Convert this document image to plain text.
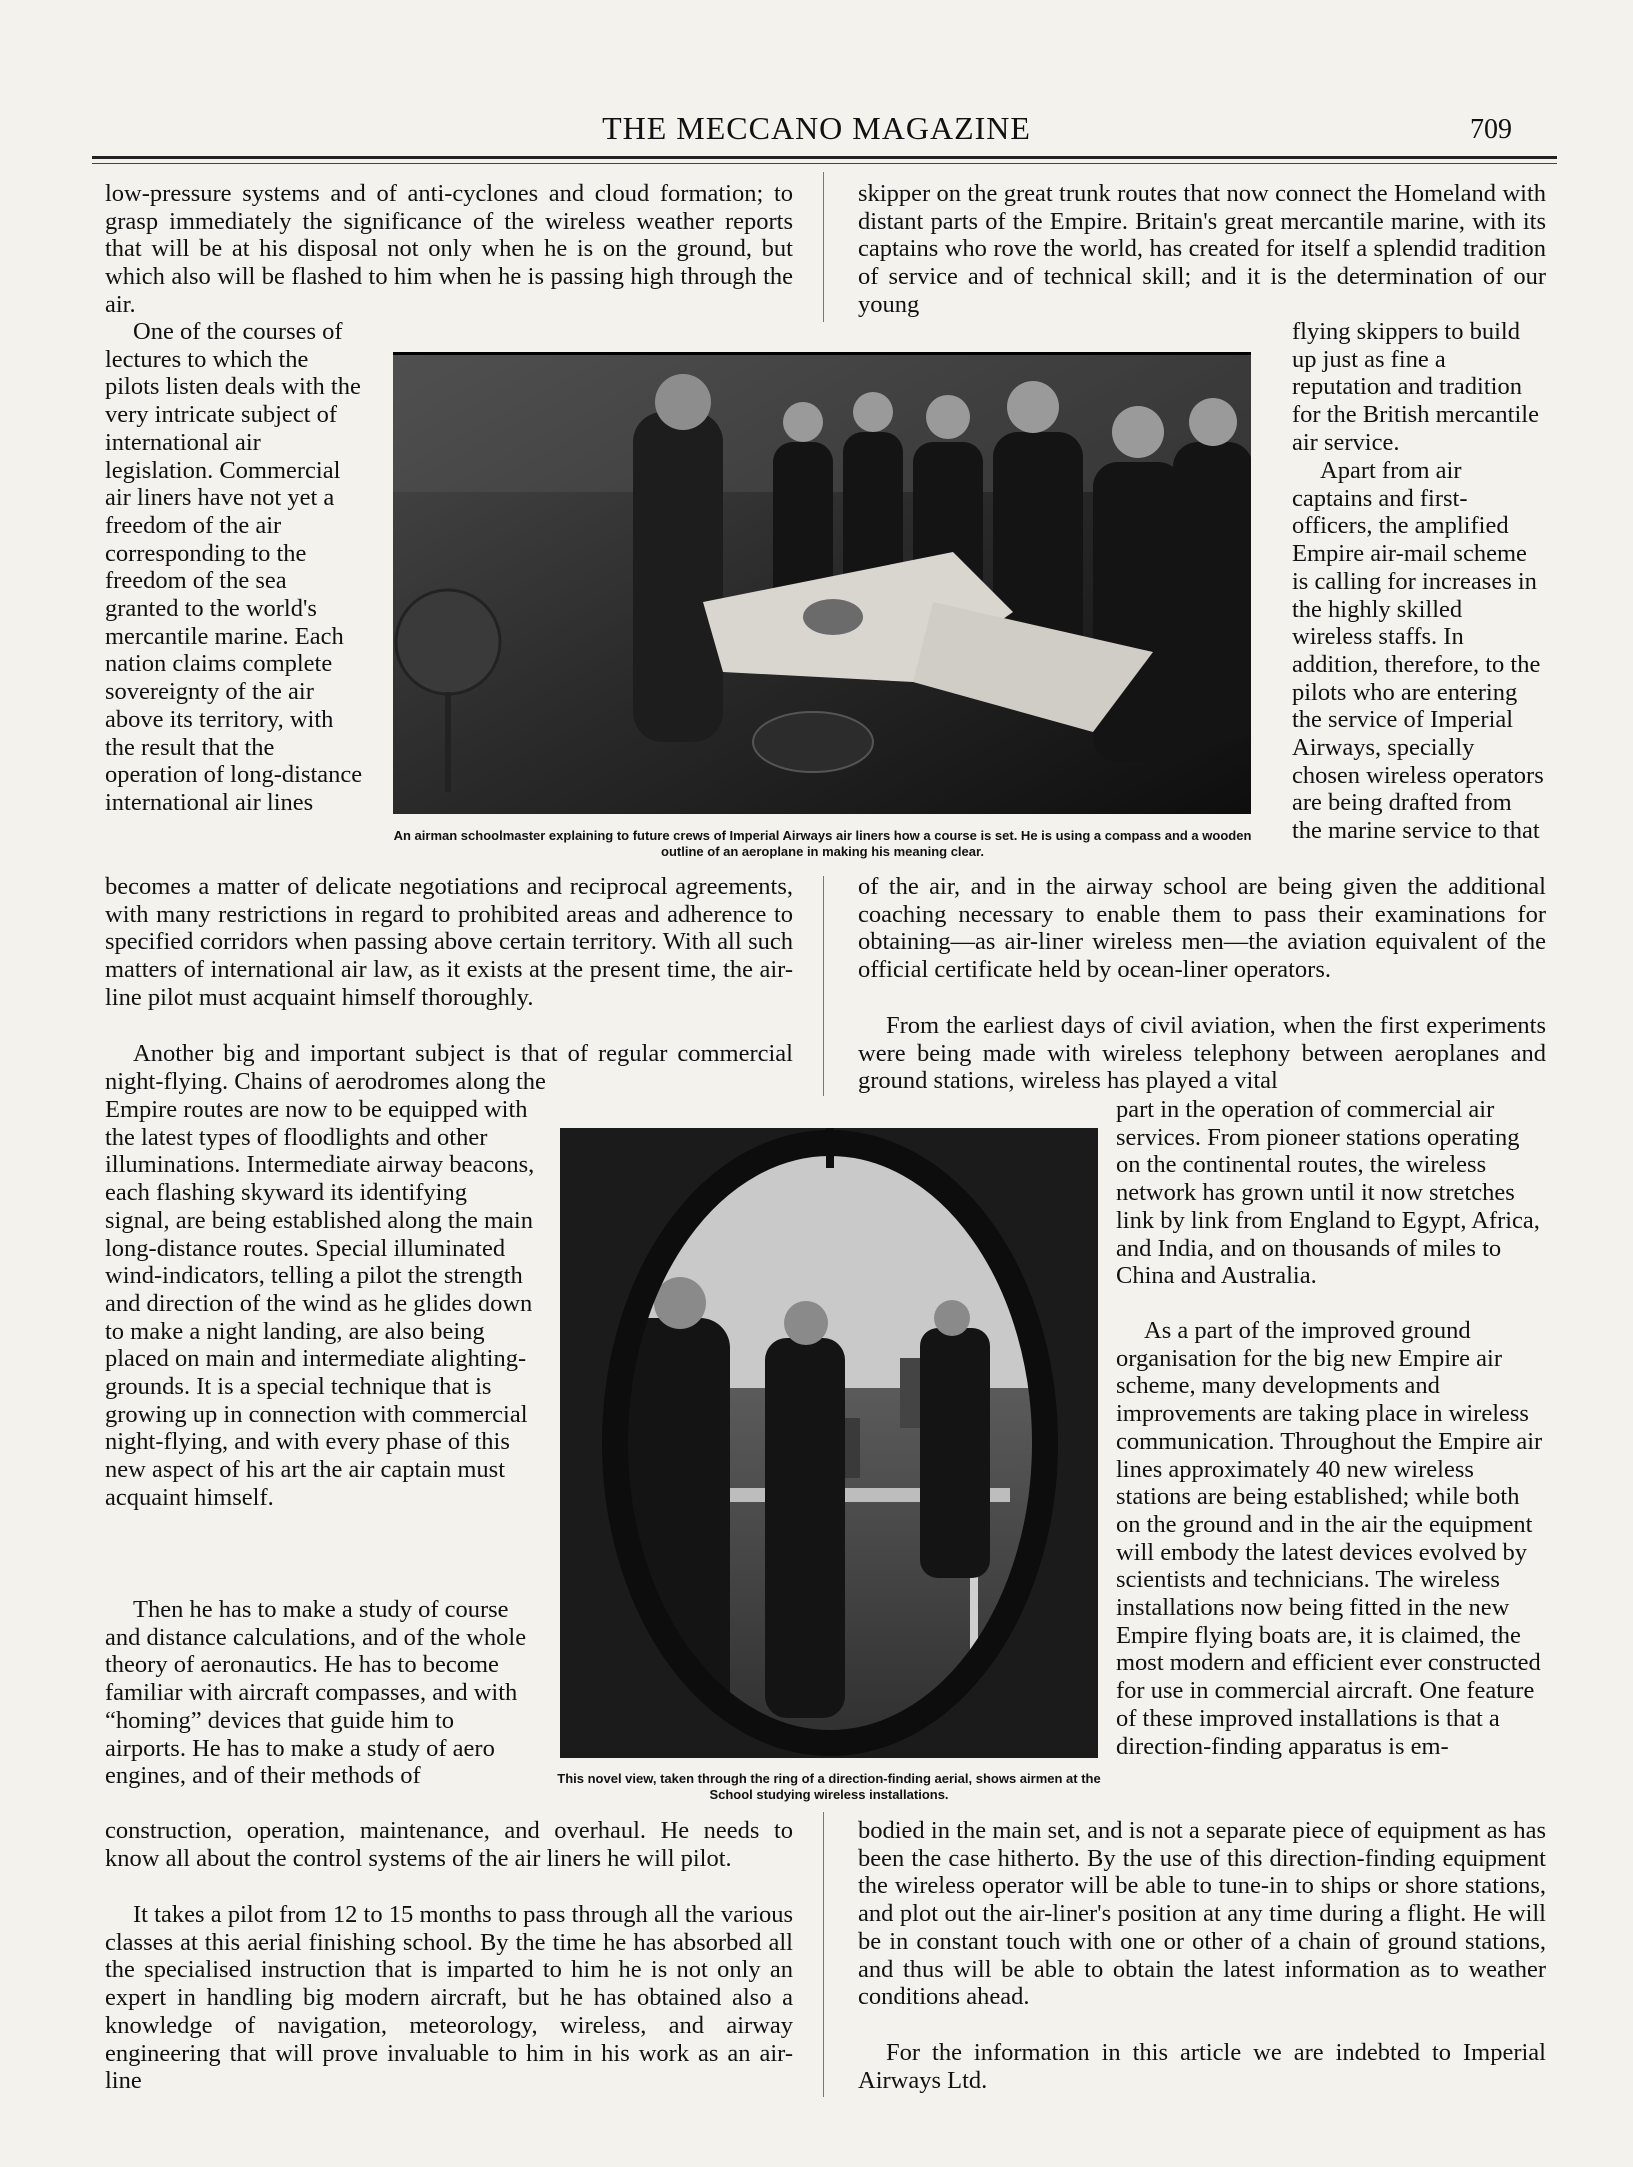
THE MECCANO MAGAZINE	709

low-pressure systems and of anti-cyclones and cloud formation; to grasp immediately the significance of the wireless weather reports that will be at his disposal not only when he is on the ground, but which also will be flashed to him when he is passing high through the air.

One of the courses of lectures to which the pilots listen deals with the very intricate subject of international air legislation. Commercial air liners have not yet a freedom of the air corresponding to the freedom of the sea granted to the world's mercantile marine. Each nation claims complete sovereignty of the air above its territory, with the result that the operation of long-distance international air lines

becomes a matter of delicate negotiations and reciprocal agreements, with many restrictions in regard to prohibited areas and adherence to specified corridors when passing above certain territory. With all such matters of international air law, as it exists at the present time, the air-line pilot must acquaint himself thoroughly.

Another big and important subject is that of regular commercial night-flying. Chains of aerodromes along the

Empire routes are now to be equipped with the latest types of floodlights and other illuminations. Intermediate airway beacons, each flashing skyward its identifying signal, are being established along the main long-distance routes. Special illuminated wind-indicators, telling a pilot the strength and direction of the wind as he glides down to make a night landing, are also being placed on main and intermediate alighting-grounds. It is a special technique that is growing up in connection with commercial night-flying, and with every phase of this new aspect of his art the air captain must acquaint himself.

Then he has to make a study of course and distance calculations, and of the whole theory of aeronautics. He has to become familiar with aircraft compasses, and with “homing” devices that guide him to airports. He has to make a study of aero engines, and of their methods of

construction, operation, maintenance, and overhaul. He needs to know all about the control systems of the air liners he will pilot.

It takes a pilot from 12 to 15 months to pass through all the various classes at this aerial finishing school. By the time he has absorbed all the specialised instruction that is imparted to him he is not only an expert in handling big modern aircraft, but he has obtained also a knowledge of navigation, meteorology, wireless, and airway engineering that will prove invaluable to him in his work as an air-line

skipper on the great trunk routes that now connect the Homeland with distant parts of the Empire. Britain's great mercantile marine, with its captains who rove the world, has created for itself a splendid tradition of service and of technical skill; and it is the determination of our young

flying skippers to build up just as fine a reputation and tradition for the British mercantile air service.

Apart from air captains and first-officers, the amplified Empire air-mail scheme is calling for increases in the highly skilled wireless staffs. In addition, therefore, to the pilots who are entering the service of Imperial Airways, specially chosen wireless operators are being drafted from the marine service to that

of the air, and in the airway school are being given the additional coaching necessary to enable them to pass their examinations for obtaining—as air-liner wireless men—the aviation equivalent of the official certificate held by ocean-liner operators.

From the earliest days of civil aviation, when the first experiments were being made with wireless telephony between aeroplanes and ground stations, wireless has played a vital

part in the operation of commercial air services. From pioneer stations operating on the continental routes, the wireless network has grown until it now stretches link by link from England to Egypt, Africa, and India, and on thousands of miles to China and Australia.

As a part of the improved ground organisation for the big new Empire air scheme, many developments and improvements are taking place in wireless communication. Throughout the Empire air lines approximately 40 new wireless stations are being established; while both on the ground and in the air the equipment will embody the latest devices evolved by scientists and technicians. The wireless installations now being fitted in the new Empire flying boats are, it is claimed, the most modern and efficient ever constructed for use in commercial aircraft. One feature of these improved installations is that a direction-finding apparatus is em-

bodied in the main set, and is not a separate piece of equipment as has been the case hitherto. By the use of this direction-finding equipment the wireless operator will be able to tune-in to ships or shore stations, and plot out the air-liner's position at any time during a flight. He will be in constant touch with one or other of a chain of ground stations, and thus will be able to obtain the latest information as to weather conditions ahead.

For the information in this article we are indebted to Imperial Airways Ltd.

An airman schoolmaster explaining to future crews of Imperial Airways air liners how a course is set. He is using a compass and a wooden outline of an aeroplane in making his meaning clear.

This novel view, taken through the ring of a direction-finding aerial, shows airmen at the School studying wireless installations.
